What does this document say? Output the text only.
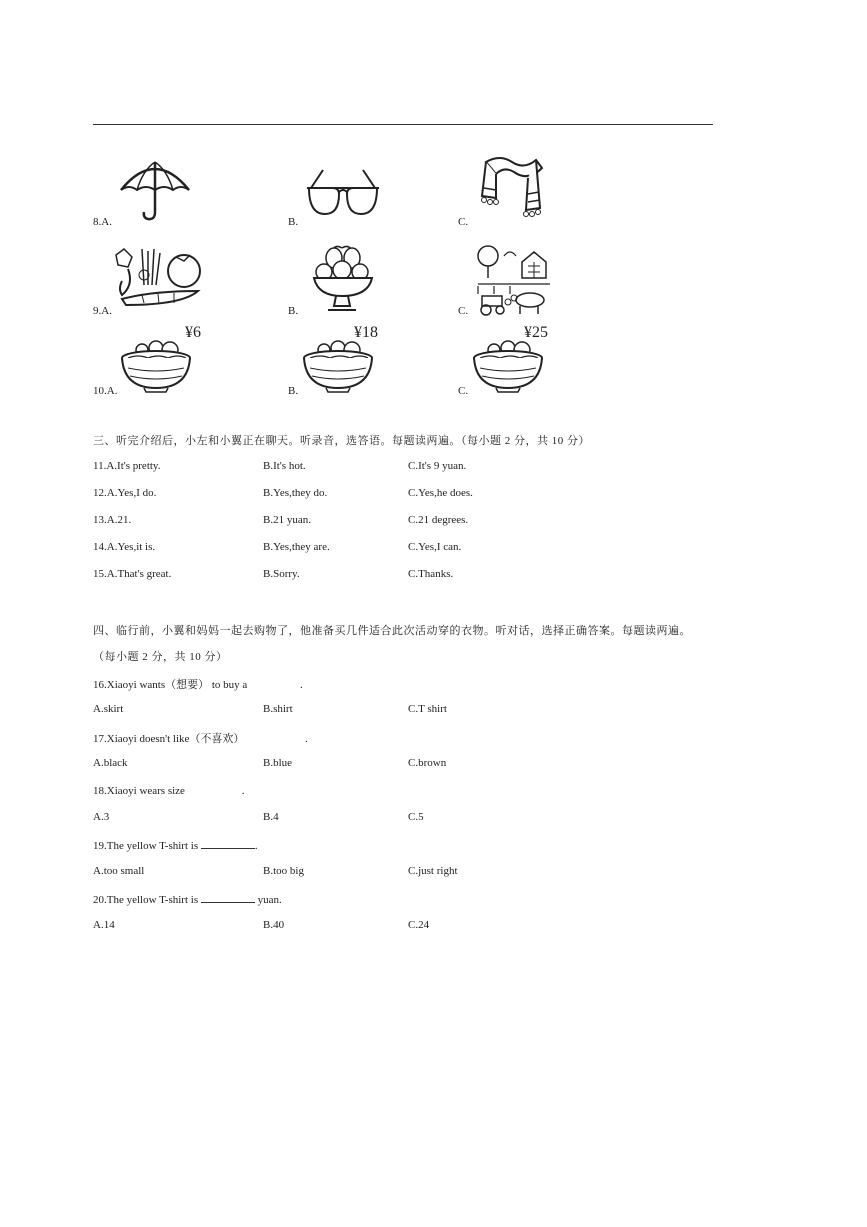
8.A.	B.	C.
9.A.	B.	C.
10.A.
¥6
B.
¥18
C.
¥25
三、听完介绍后，小左和小翼正在聊天。听录音，选答语。每题读两遍。（每小题 2 分，共 10 分）
11.A.It's pretty.	B.It's hot.	C.It's 9 yuan.
12.A.Yes,I do.	B.Yes,they do.	C.Yes,he does.
13.A.21.	B.21 yuan.	C.21 degrees.
14.A.Yes,it is.	B.Yes,they are.	C.Yes,I can.
15.A.That's great.	B.Sorry.	C.Thanks.
四、临行前，小翼和妈妈一起去购物了，他准备买几件适合此次活动穿的衣物。听对话，选择正确答案。每题读两遍。
（每小题 2 分，共 10 分）
16.Xiaoyi wants（想要） to buy a	.
A.skirt	B.shirt	C.T shirt
17.Xiaoyi doesn't like（不喜欢）	.
A.black	B.blue	C.brown
18.Xiaoyi wears size	.
A.3	B.4	C.5
19.The yellow T-shirt is	.
A.too small	B.too big	C.just right
20.The yellow T-shirt is	yuan.
A.14	B.40	C.24
